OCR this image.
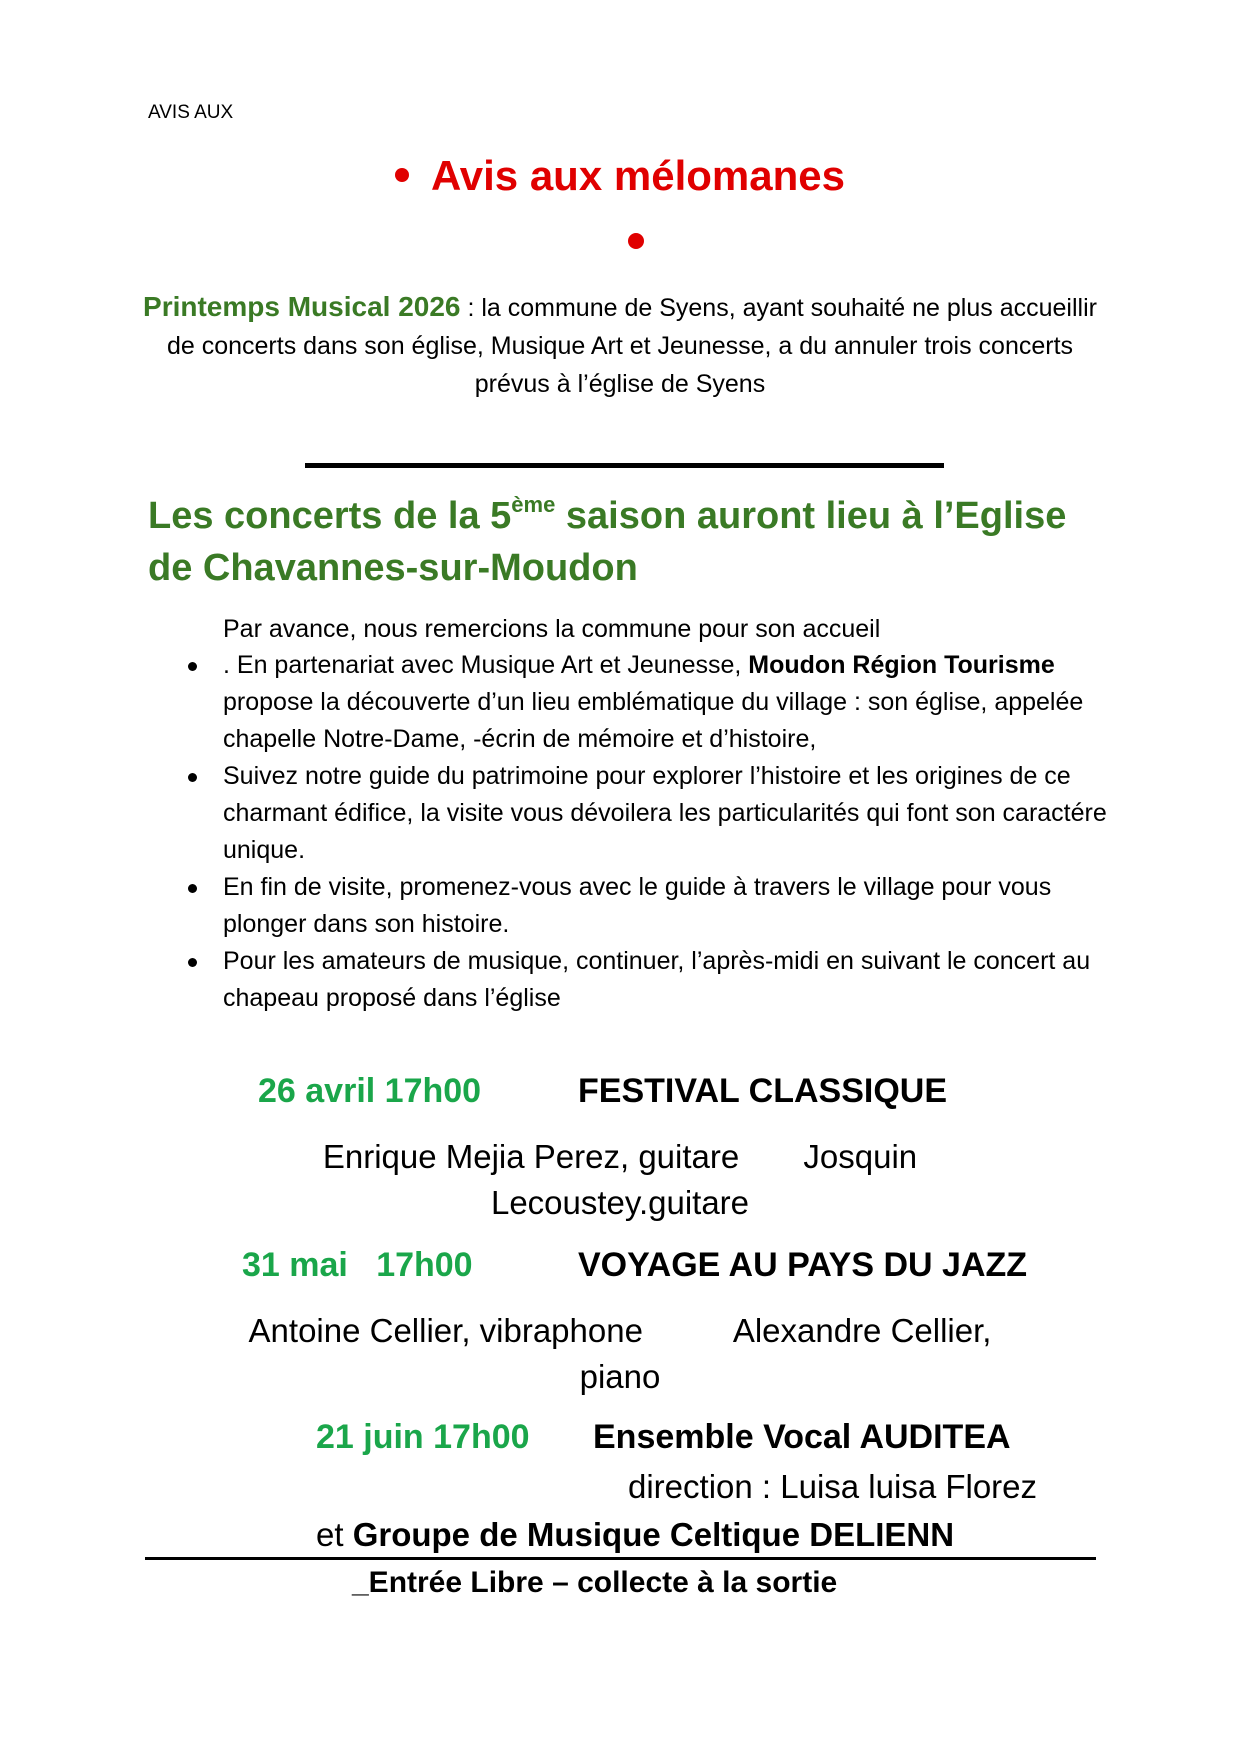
AVIS AUX
Avis aux mélomanes
Printemps Musical 2026 : la commune de Syens, ayant souhaité ne plus accueillir de concerts dans son église, Musique Art et Jeunesse, a du annuler trois concerts prévus à l’église de Syens
Les concerts de la 5ème saison auront lieu à l’Eglise de Chavannes-sur-Moudon
Par avance, nous remercions la commune pour son accueil
. En partenariat avec Musique Art et Jeunesse, Moudon Région Tourisme propose la découverte d’un lieu emblématique du village : son église, appelée chapelle Notre-Dame, -écrin de mémoire et d’histoire,
Suivez notre guide du patrimoine pour explorer l’histoire et les origines de ce charmant édifice, la visite vous dévoilera les particularités qui font son caractére unique.
En fin de visite, promenez-vous avec le guide à travers le village pour vous plonger dans son histoire.
Pour les amateurs de musique, continuer, l’après-midi en suivant le concert au chapeau proposé dans l’église
26 avril 17h00	FESTIVAL CLASSIQUE
Enrique Mejia Perez, guitare       Josquin
Lecoustey.guitare
31 mai   17h00	VOYAGE AU PAYS DU JAZZ
Antoine Cellier, vibraphone          Alexandre Cellier,
piano
21 juin 17h00 Ensemble Vocal AUDITEA
direction : Luisa luisa Florez
et Groupe de Musique Celtique DELIENN
_Entrée Libre – collecte à la sortie
